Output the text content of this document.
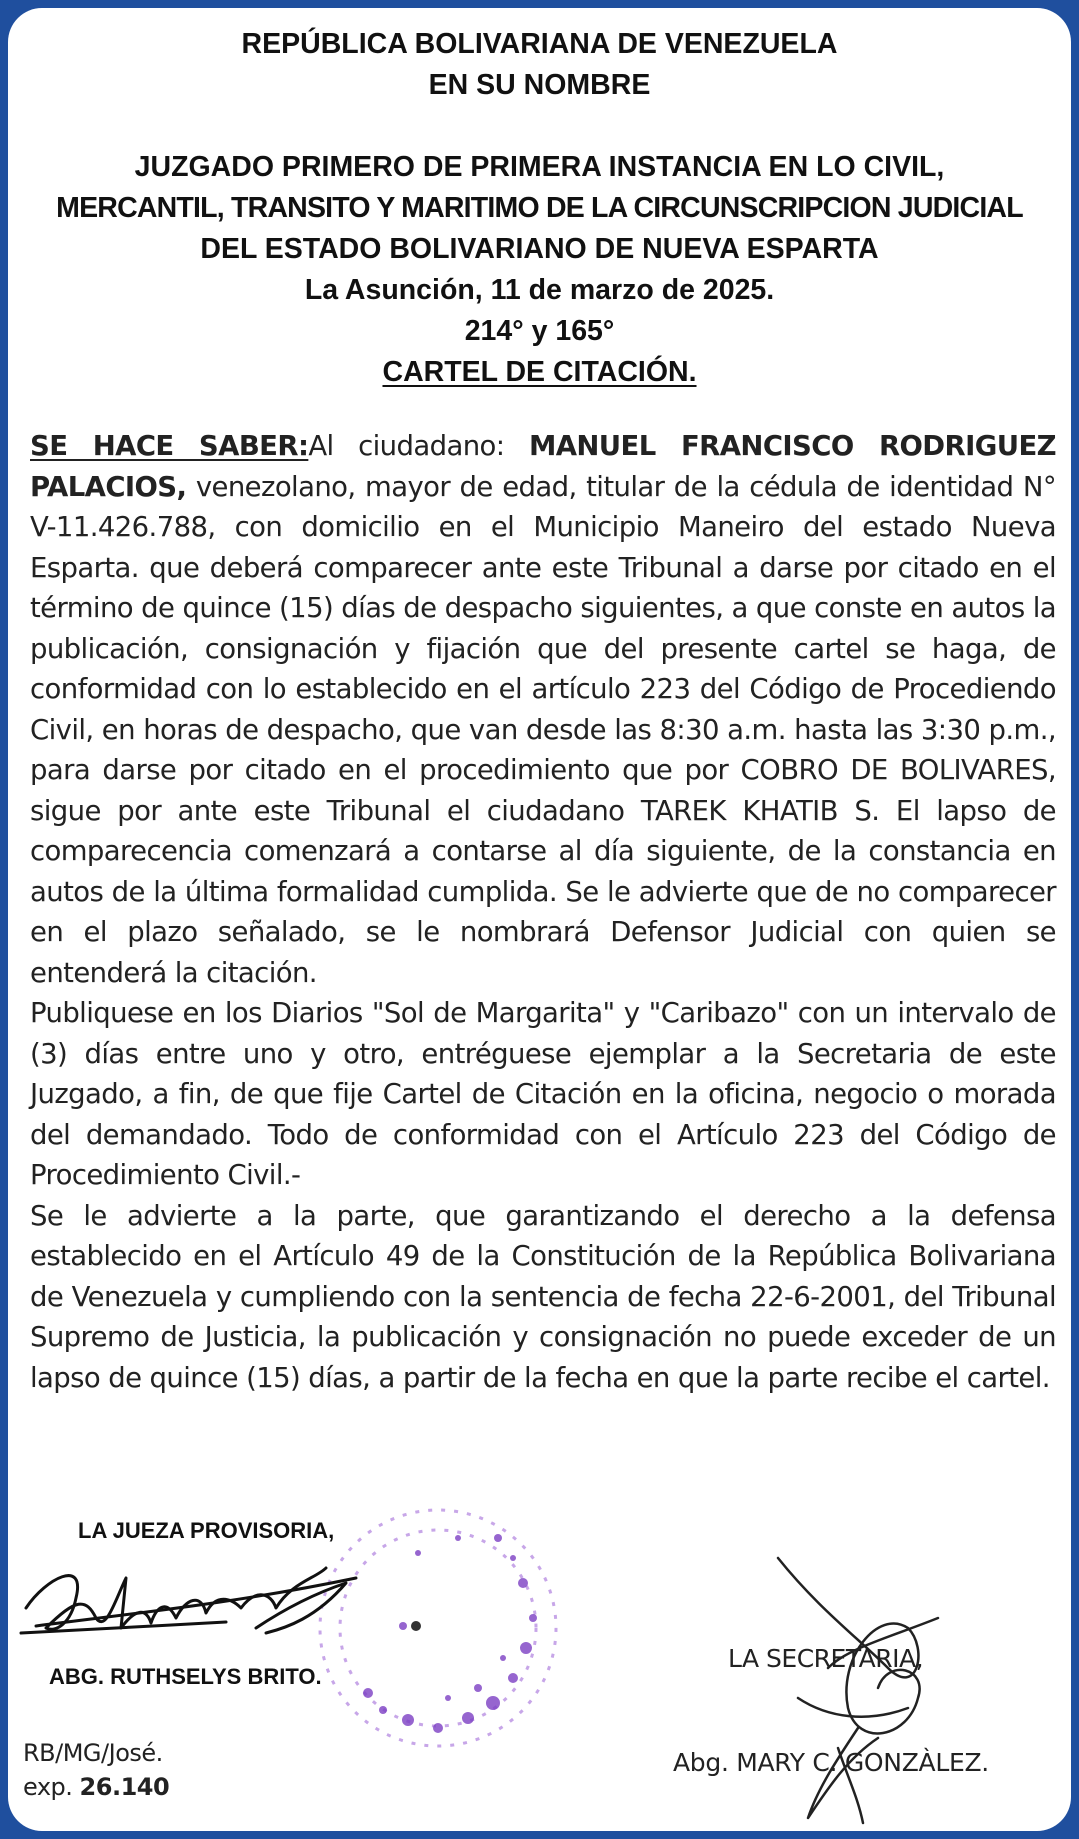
REPÚBLICA BOLIVARIANA DE VENEZUELA
EN SU NOMBRE
JUZGADO PRIMERO DE PRIMERA INSTANCIA EN LO CIVIL,
MERCANTIL, TRANSITO Y MARITIMO DE LA CIRCUNSCRIPCION JUDICIAL
DEL ESTADO BOLIVARIANO DE NUEVA ESPARTA
La Asunción, 11 de marzo de 2025.
214° y 165°
CARTEL DE CITACIÓN.

SE HACE SABER:Al ciudadano: MANUEL FRANCISCO RODRIGUEZ PALACIOS, venezolano, mayor de edad, titular de la cédula de identidad N° V-11.426.788, con domicilio en el Municipio Maneiro del estado Nueva Esparta. que deberá comparecer ante este Tribunal a darse por citado en el término de quince (15) días de despacho siguientes, a que conste en autos la publicación, consignación y fijación que del presente cartel se haga, de conformidad con lo establecido en el artículo 223 del Código de Procediendo Civil, en horas de despacho, que van desde las 8:30 a.m. hasta las 3:30 p.m., para darse por citado en el procedimiento que por COBRO DE BOLIVARES, sigue por ante este Tribunal el ciudadano TAREK KHATIB S. El lapso de comparecencia comenzará a contarse al día siguiente, de la constancia en autos de la última formalidad cumplida. Se le advierte que de no comparecer en el plazo señalado, se le nombrará Defensor Judicial con quien se entenderá la citación.

Publiquese en los Diarios "Sol de Margarita" y "Caribazo" con un intervalo de (3) días entre uno y otro, entréguese ejemplar a la Secretaria de este Juzgado, a fin, de que fije Cartel de Citación en la oficina, negocio o morada del demandado. Todo de conformidad con el Artículo 223 del Código de Procedimiento Civil.-

Se le advierte a la parte, que garantizando el derecho a la defensa establecido en el Artículo 49 de la Constitución de la República Bolivariana de Venezuela y cumpliendo con la sentencia de fecha 22-6-2001, del Tribunal Supremo de Justicia, la publicación y consignación no puede exceder de un lapso de quince (15) días, a partir de la fecha en que la parte recibe el cartel.

LA JUEZA PROVISORIA,
ABG. RUTHSELYS BRITO.
LA SECRETARIA,
Abg. MARY C. GONZÀLEZ.
RB/MG/José.
exp. 26.140
